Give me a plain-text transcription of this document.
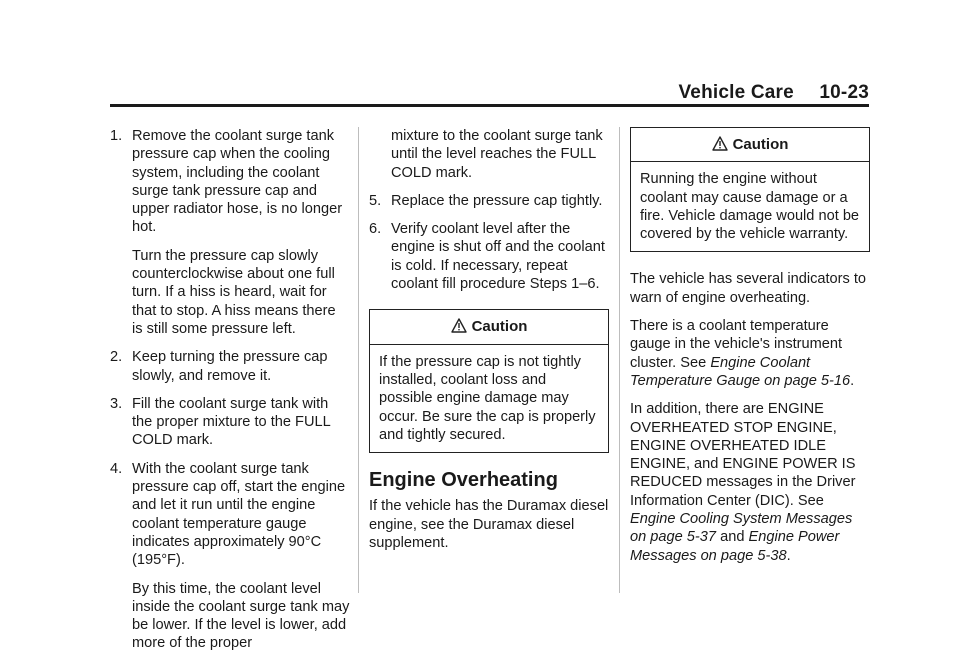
Vehicle Care 10-23
1. Remove the coolant surge tank pressure cap when the cooling system, including the coolant surge tank pressure cap and upper radiator hose, is no longer hot.

Turn the pressure cap slowly counterclockwise about one full turn. If a hiss is heard, wait for that to stop. A hiss means there is still some pressure left.

2. Keep turning the pressure cap slowly, and remove it.

3. Fill the coolant surge tank with the proper mixture to the FULL COLD mark.

4. With the coolant surge tank pressure cap off, start the engine and let it run until the engine coolant temperature gauge indicates approximately 90°C (195°F).

By this time, the coolant level inside the coolant surge tank may be lower. If the level is lower, add more of the proper

mixture to the coolant surge tank until the level reaches the FULL COLD mark.

5. Replace the pressure cap tightly.

6. Verify coolant level after the engine is shut off and the coolant is cold. If necessary, repeat coolant fill procedure Steps 1–6.

Caution
If the pressure cap is not tightly installed, coolant loss and possible engine damage may occur. Be sure the cap is properly and tightly secured.
Engine Overheating

If the vehicle has the Duramax diesel engine, see the Duramax diesel supplement.

Caution
Running the engine without coolant may cause damage or a fire. Vehicle damage would not be covered by the vehicle warranty.

The vehicle has several indicators to warn of engine overheating.

There is a coolant temperature gauge in the vehicle's instrument cluster. See Engine Coolant Temperature Gauge on page 5-16.

In addition, there are ENGINE OVERHEATED STOP ENGINE, ENGINE OVERHEATED IDLE ENGINE, and ENGINE POWER IS REDUCED messages in the Driver Information Center (DIC). See Engine Cooling System Messages on page 5-37 and Engine Power Messages on page 5-38.
